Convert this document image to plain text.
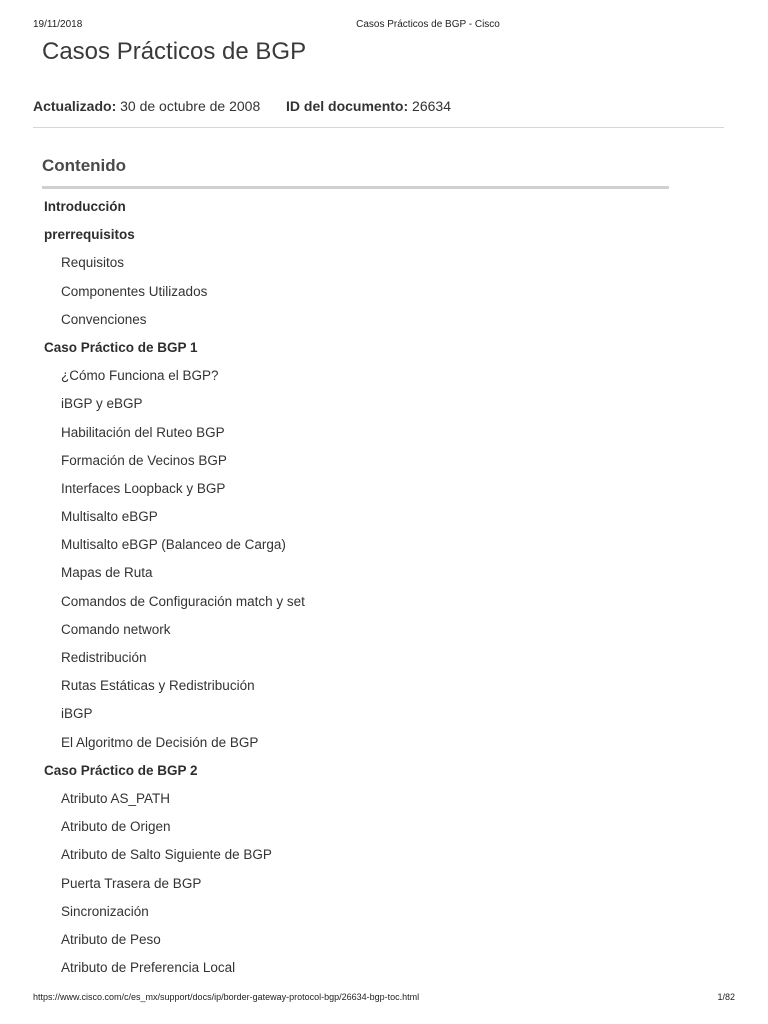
19/11/2018	Casos Prácticos de BGP - Cisco
Casos Prácticos de BGP
Actualizado: 30 de octubre de 2008 ID del documento: 26634
Contenido
Introducción
prerrequisitos
Requisitos
Componentes Utilizados
Convenciones
Caso Práctico de BGP 1
¿Cómo Funciona el BGP?
iBGP y eBGP
Habilitación del Ruteo BGP
Formación de Vecinos BGP
Interfaces Loopback y BGP
Multisalto eBGP
Multisalto eBGP (Balanceo de Carga)
Mapas de Ruta
Comandos de Configuración match y set
Comando network
Redistribución
Rutas Estáticas y Redistribución
iBGP
El Algoritmo de Decisión de BGP
Caso Práctico de BGP 2
Atributo AS_PATH
Atributo de Origen
Atributo de Salto Siguiente de BGP
Puerta Trasera de BGP
Sincronización
Atributo de Peso
Atributo de Preferencia Local
https://www.cisco.com/c/es_mx/support/docs/ip/border-gateway-protocol-bgp/26634-bgp-toc.html	1/82
